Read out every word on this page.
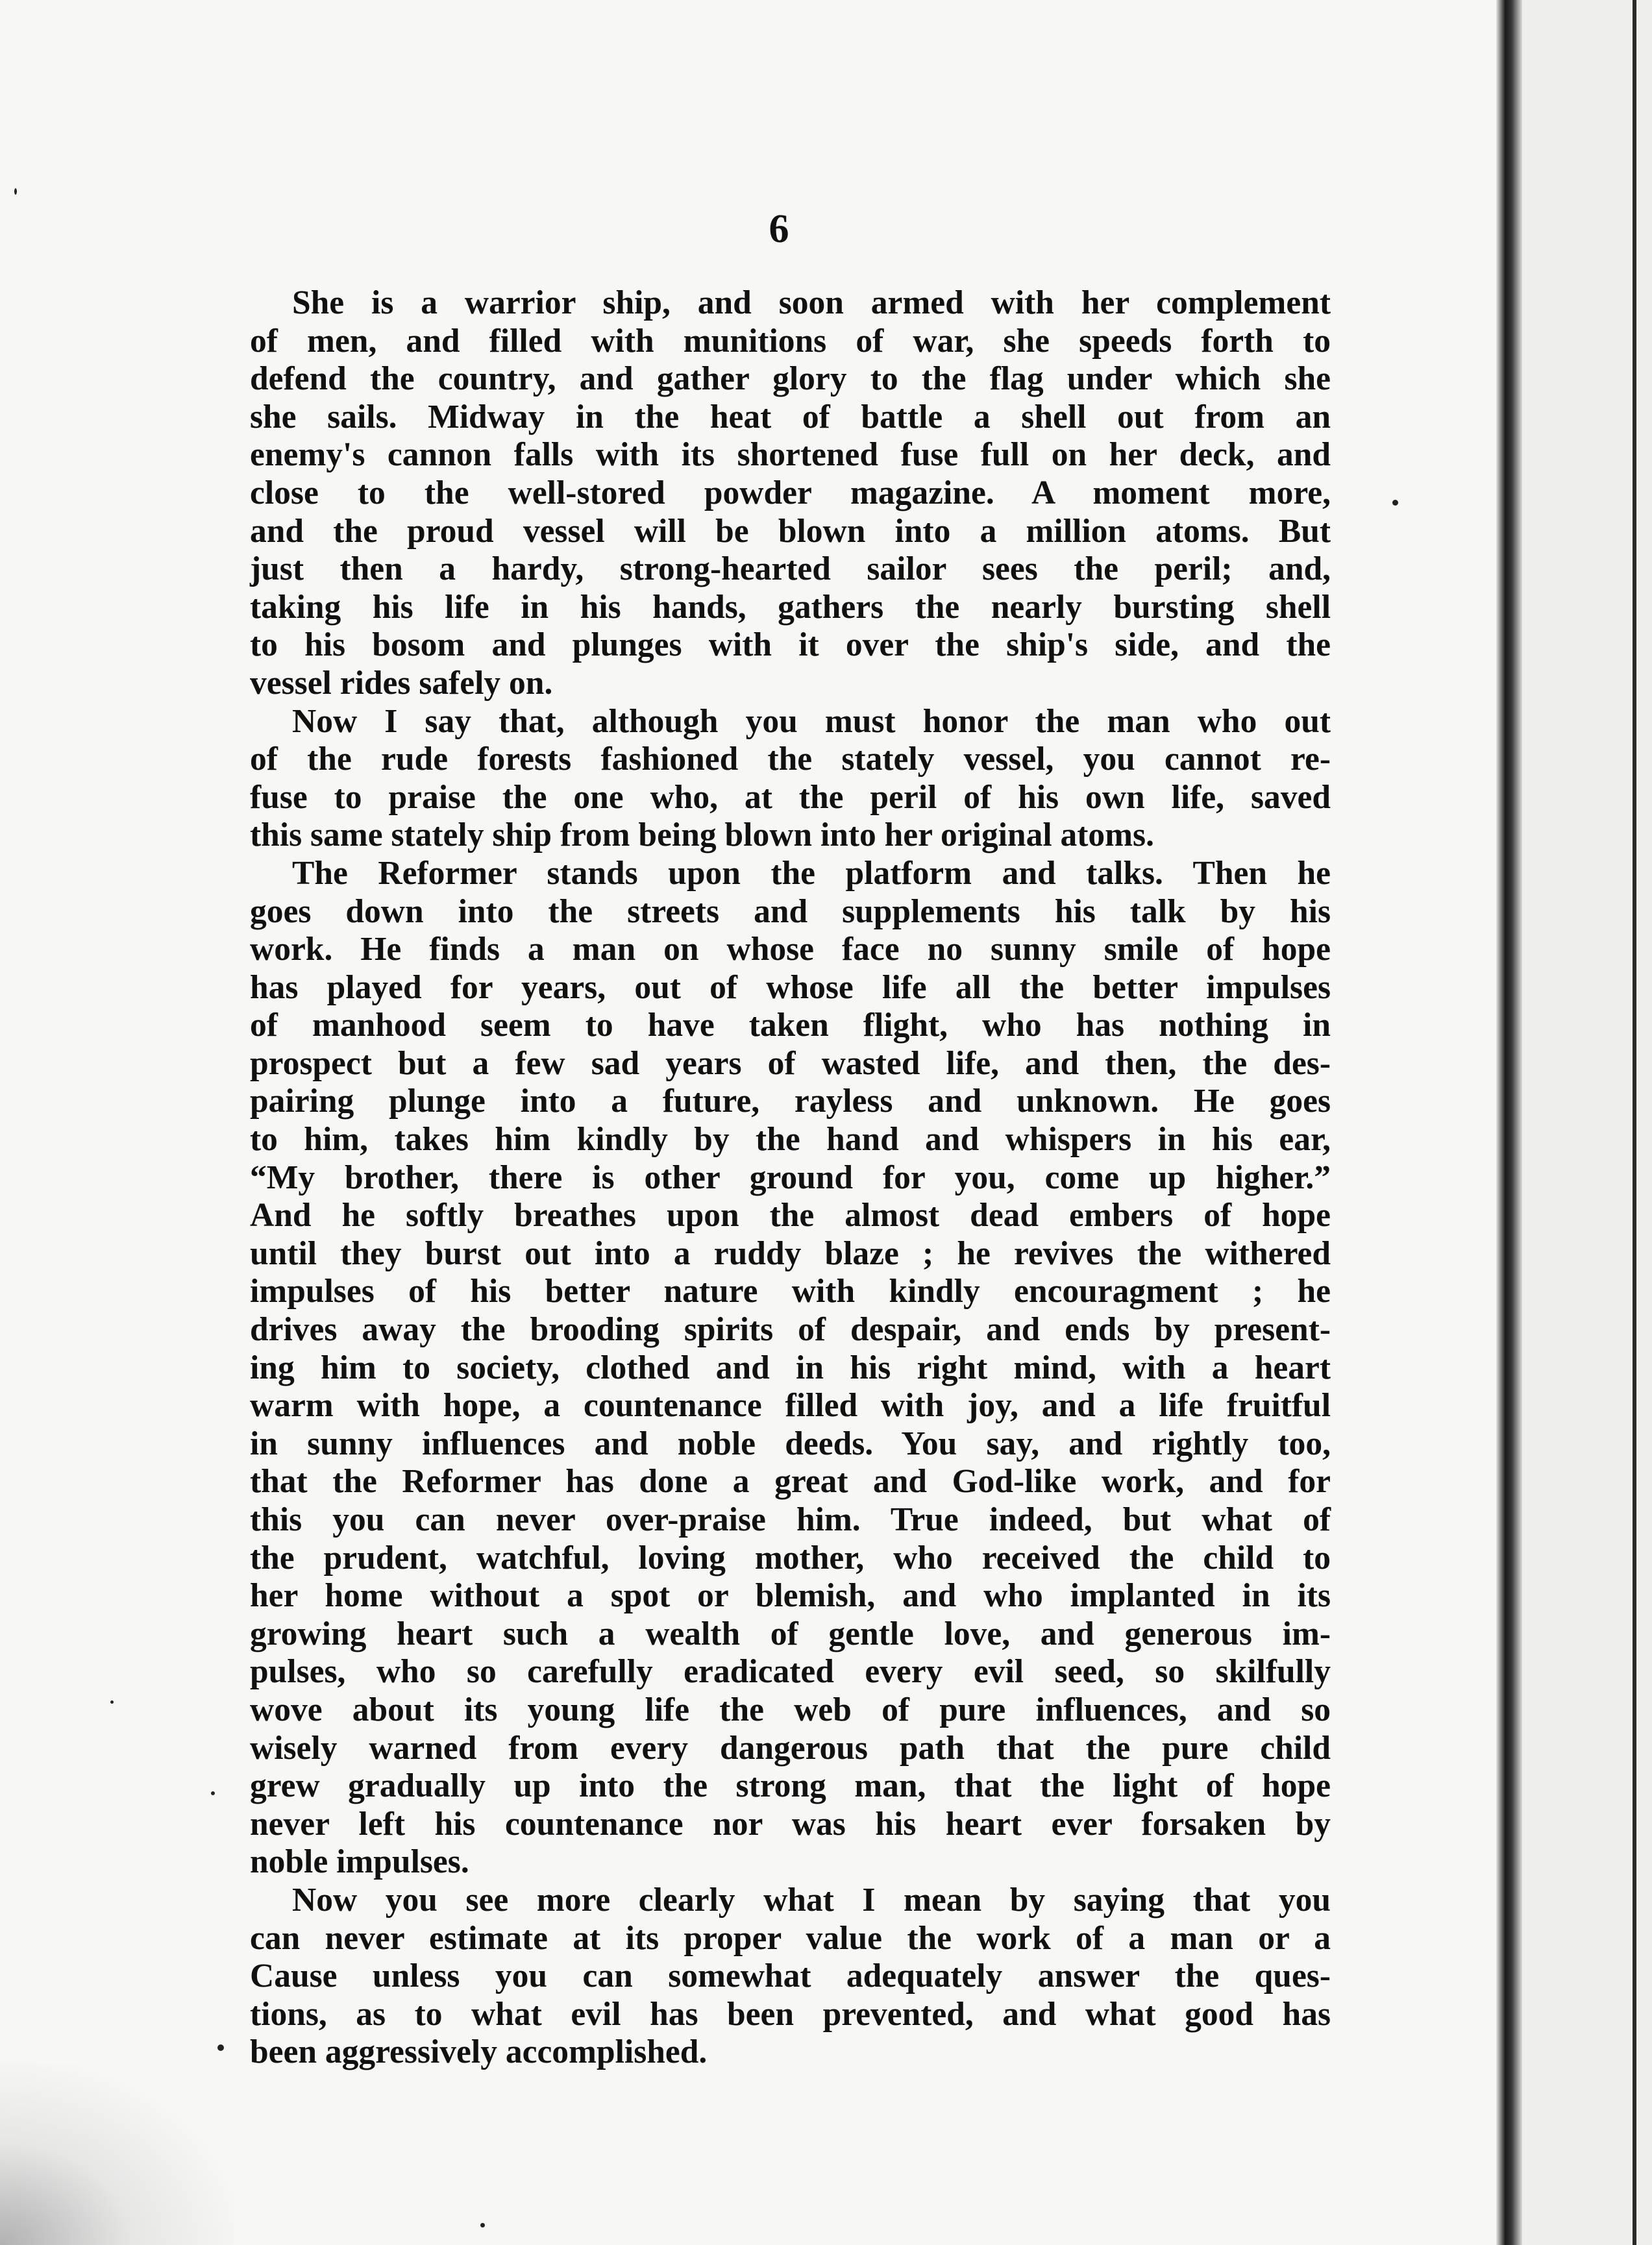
6
She is a warrior ship, and soon armed with her complement
of men, and filled with munitions of war, she speeds forth to
defend the country, and gather glory to the flag under which she
she sails. Midway in the heat of battle a shell out from an
enemy's cannon falls with its shortened fuse full on her deck, and
close to the well-stored powder magazine. A moment more,
and the proud vessel will be blown into a million atoms. But
just then a hardy, strong-hearted sailor sees the peril; and,
taking his life in his hands, gathers the nearly bursting shell
to his bosom and plunges with it over the ship's side, and the
vessel rides safely on.
Now I say that, although you must honor the man who out
of the rude forests fashioned the stately vessel, you cannot re-
fuse to praise the one who, at the peril of his own life, saved
this same stately ship from being blown into her original atoms.
The Reformer stands upon the platform and talks. Then he
goes down into the streets and supplements his talk by his
work. He finds a man on whose face no sunny smile of hope
has played for years, out of whose life all the better impulses
of manhood seem to have taken flight, who has nothing in
prospect but a few sad years of wasted life, and then, the des-
pairing plunge into a future, rayless and unknown. He goes
to him, takes him kindly by the hand and whispers in his ear,
“My brother, there is other ground for you, come up higher.”
And he softly breathes upon the almost dead embers of hope
until they burst out into a ruddy blaze ; he revives the withered
impulses of his better nature with kindly encouragment ; he
drives away the brooding spirits of despair, and ends by present-
ing him to society, clothed and in his right mind, with a heart
warm with hope, a countenance filled with joy, and a life fruitful
in sunny influences and noble deeds. You say, and rightly too,
that the Reformer has done a great and God-like work, and for
this you can never over-praise him. True indeed, but what of
the prudent, watchful, loving mother, who received the child to
her home without a spot or blemish, and who implanted in its
growing heart such a wealth of gentle love, and generous im-
pulses, who so carefully eradicated every evil seed, so skilfully
wove about its young life the web of pure influences, and so
wisely warned from every dangerous path that the pure child
grew gradually up into the strong man, that the light of hope
never left his countenance nor was his heart ever forsaken by
noble impulses.
Now you see more clearly what I mean by saying that you
can never estimate at its proper value the work of a man or a
Cause unless you can somewhat adequately answer the ques-
tions, as to what evil has been prevented, and what good has
been aggressively accomplished.
